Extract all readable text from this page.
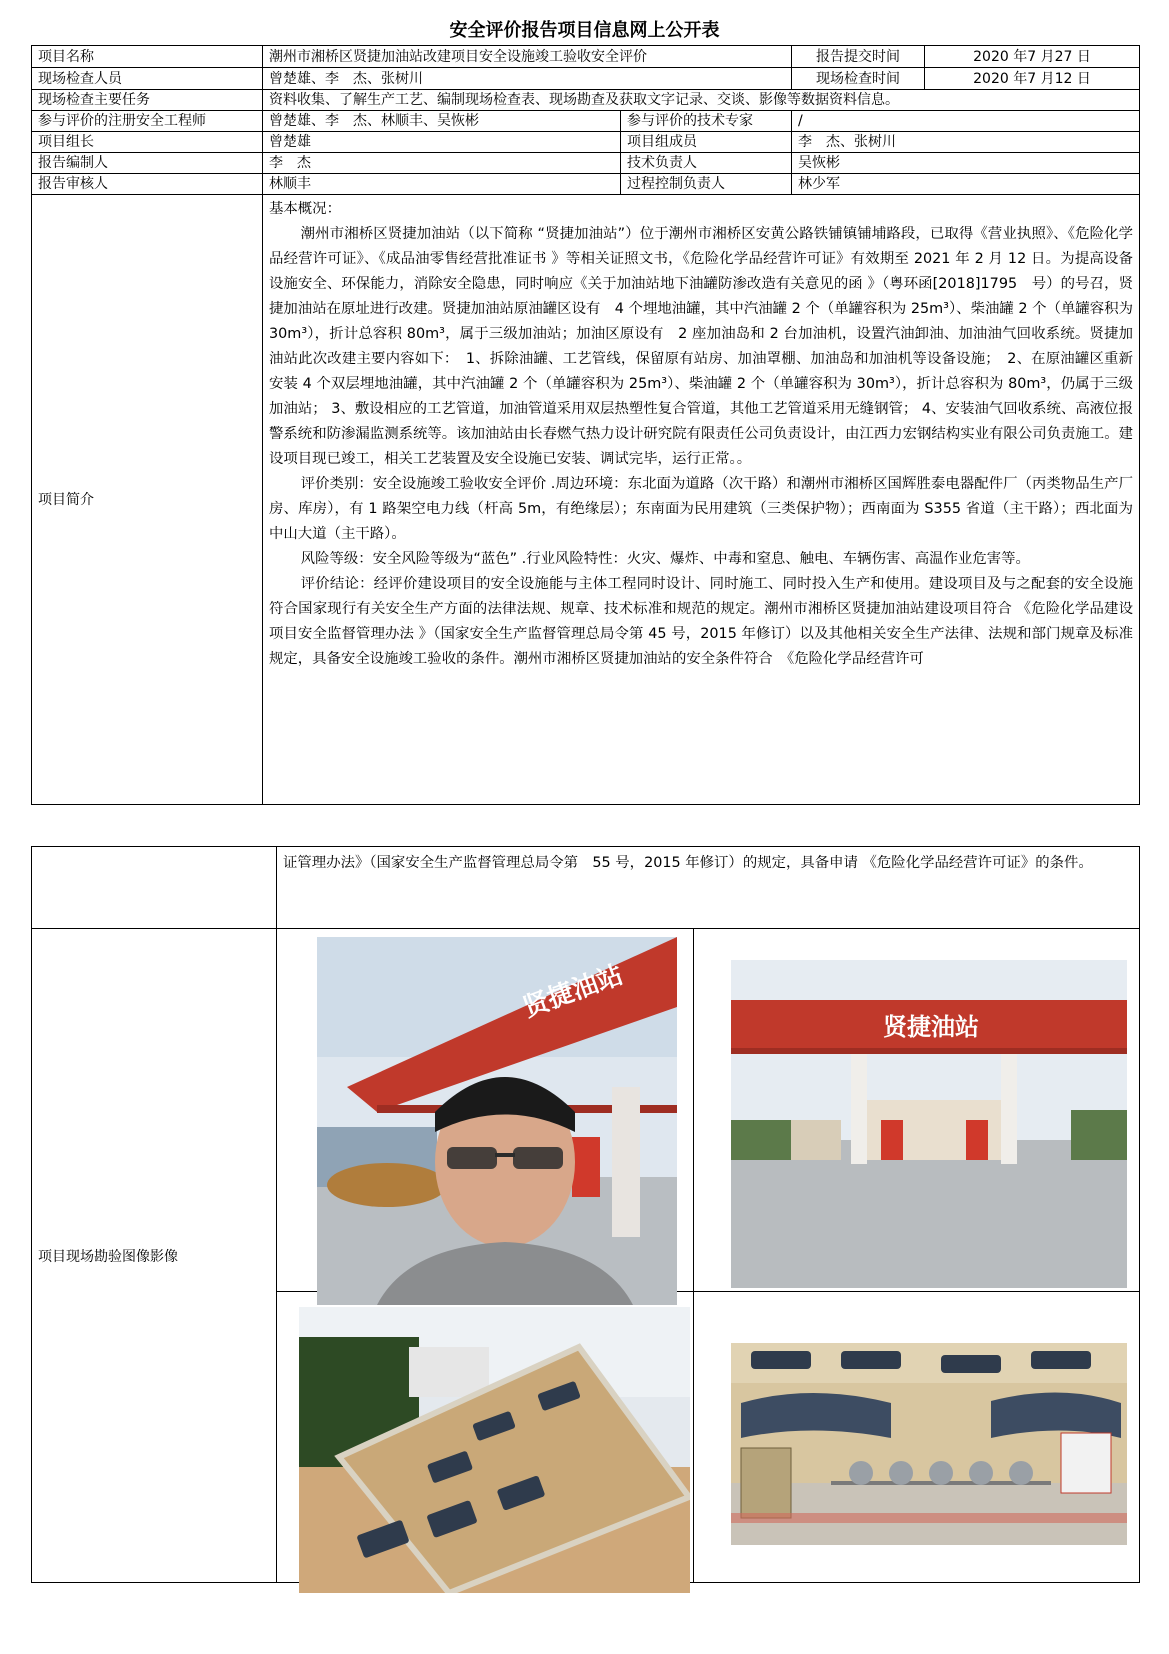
安全评价报告项目信息网上公开表
项目名称	潮州市湘桥区贤捷加油站改建项目安全设施竣工验收安全评价		报告提交时间	2020 年7 月27 日
现场检查人员	曾楚雄、李　杰、张树川		现场检查时间	2020 年7 月12 日
现场检查主要任务	资料收集、了解生产工艺、编制现场检查表、现场勘查及获取文字记录、交谈、影像等数据资料信息。			
参与评价的注册安全工程师	曾楚雄、李　杰、林顺丰、吴恢彬	参与评价的技术专家	/	
项目组长	曾楚雄	项目组成员	李　杰、张树川	
报告编制人	李　杰	技术负责人	吴恢彬	
报告审核人	林顺丰	过程控制负责人	林少军	
项目简介	基本概况：

潮州市湘桥区贤捷加油站（以下简称 “贤捷加油站”）位于潮州市湘桥区安黄公路铁铺镇铺埔路段，已取得《营业执照》、《危险化学品经营许可证》、《成品油零售经营批准证书 》等相关证照文书，《危险化学品经营许可证》有效期至 2021 年 2 月 12 日。为提高设备设施安全、环保能力，消除安全隐患，同时响应《关于加油站地下油罐防渗改造有关意见的函 》（粤环函[2018]1795　号）的号召，贤捷加油站在原址进行改建。贤捷加油站原油罐区设有　4 个埋地油罐，其中汽油罐 2 个（单罐容积为 25m³）、柴油罐 2 个（单罐容积为 30m³），折计总容积 80m³，属于三级加油站；加油区原设有　2 座加油岛和 2 台加油机，设置汽油卸油、加油油气回收系统。贤捷加油站此次改建主要内容如下：　1、拆除油罐、工艺管线，保留原有站房、加油罩棚、加油岛和加油机等设备设施；　2、在原油罐区重新安装 4 个双层埋地油罐，其中汽油罐 2 个（单罐容积为 25m³）、柴油罐 2 个（单罐容积为 30m³），折计总容积为 80m³，仍属于三级加油站； 3、敷设相应的工艺管道，加油管道采用双层热塑性复合管道，其他工艺管道采用无缝钢管； 4、安装油气回收系统、高液位报警系统和防渗漏监测系统等。该加油站由长春燃气热力设计研究院有限责任公司负责设计，由江西力宏钢结构实业有限公司负责施工。建设项目现已竣工，相关工艺装置及安全设施已安装、调试完毕，运行正常。。

评价类别：安全设施竣工验收安全评价 .周边环境：东北面为道路（次干路）和潮州市湘桥区国辉胜泰电器配件厂（丙类物品生产厂房、库房），有 1 路架空电力线（杆高 5m，有绝缘层）；东南面为民用建筑（三类保护物）；西南面为 S355 省道（主干路）；西北面为中山大道（主干路）。

风险等级：安全风险等级为“蓝色” .行业风险特性：火灾、爆炸、中毒和窒息、触电、车辆伤害、高温作业危害等。

评价结论：经评价建设项目的安全设施能与主体工程同时设计、同时施工、同时投入生产和使用。建设项目及与之配套的安全设施符合国家现行有关安全生产方面的法律法规、规章、技术标准和规范的规定。潮州市湘桥区贤捷加油站建设项目符合 《危险化学品建设项目安全监督管理办法 》（国家安全生产监督管理总局令第 45 号，2015 年修订）以及其他相关安全生产法律、法规和部门规章及标准规定，具备安全设施竣工验收的条件。潮州市湘桥区贤捷加油站的安全条件符合　《危险化学品经营许可			

	证管理办法》（国家安全生产监督管理总局令第　55 号，2015 年修订）的规定，具备申请 《危险化学品经营许可证》的条件。	

项目现场勘验图像影像		

贤捷油站
贤捷油站
